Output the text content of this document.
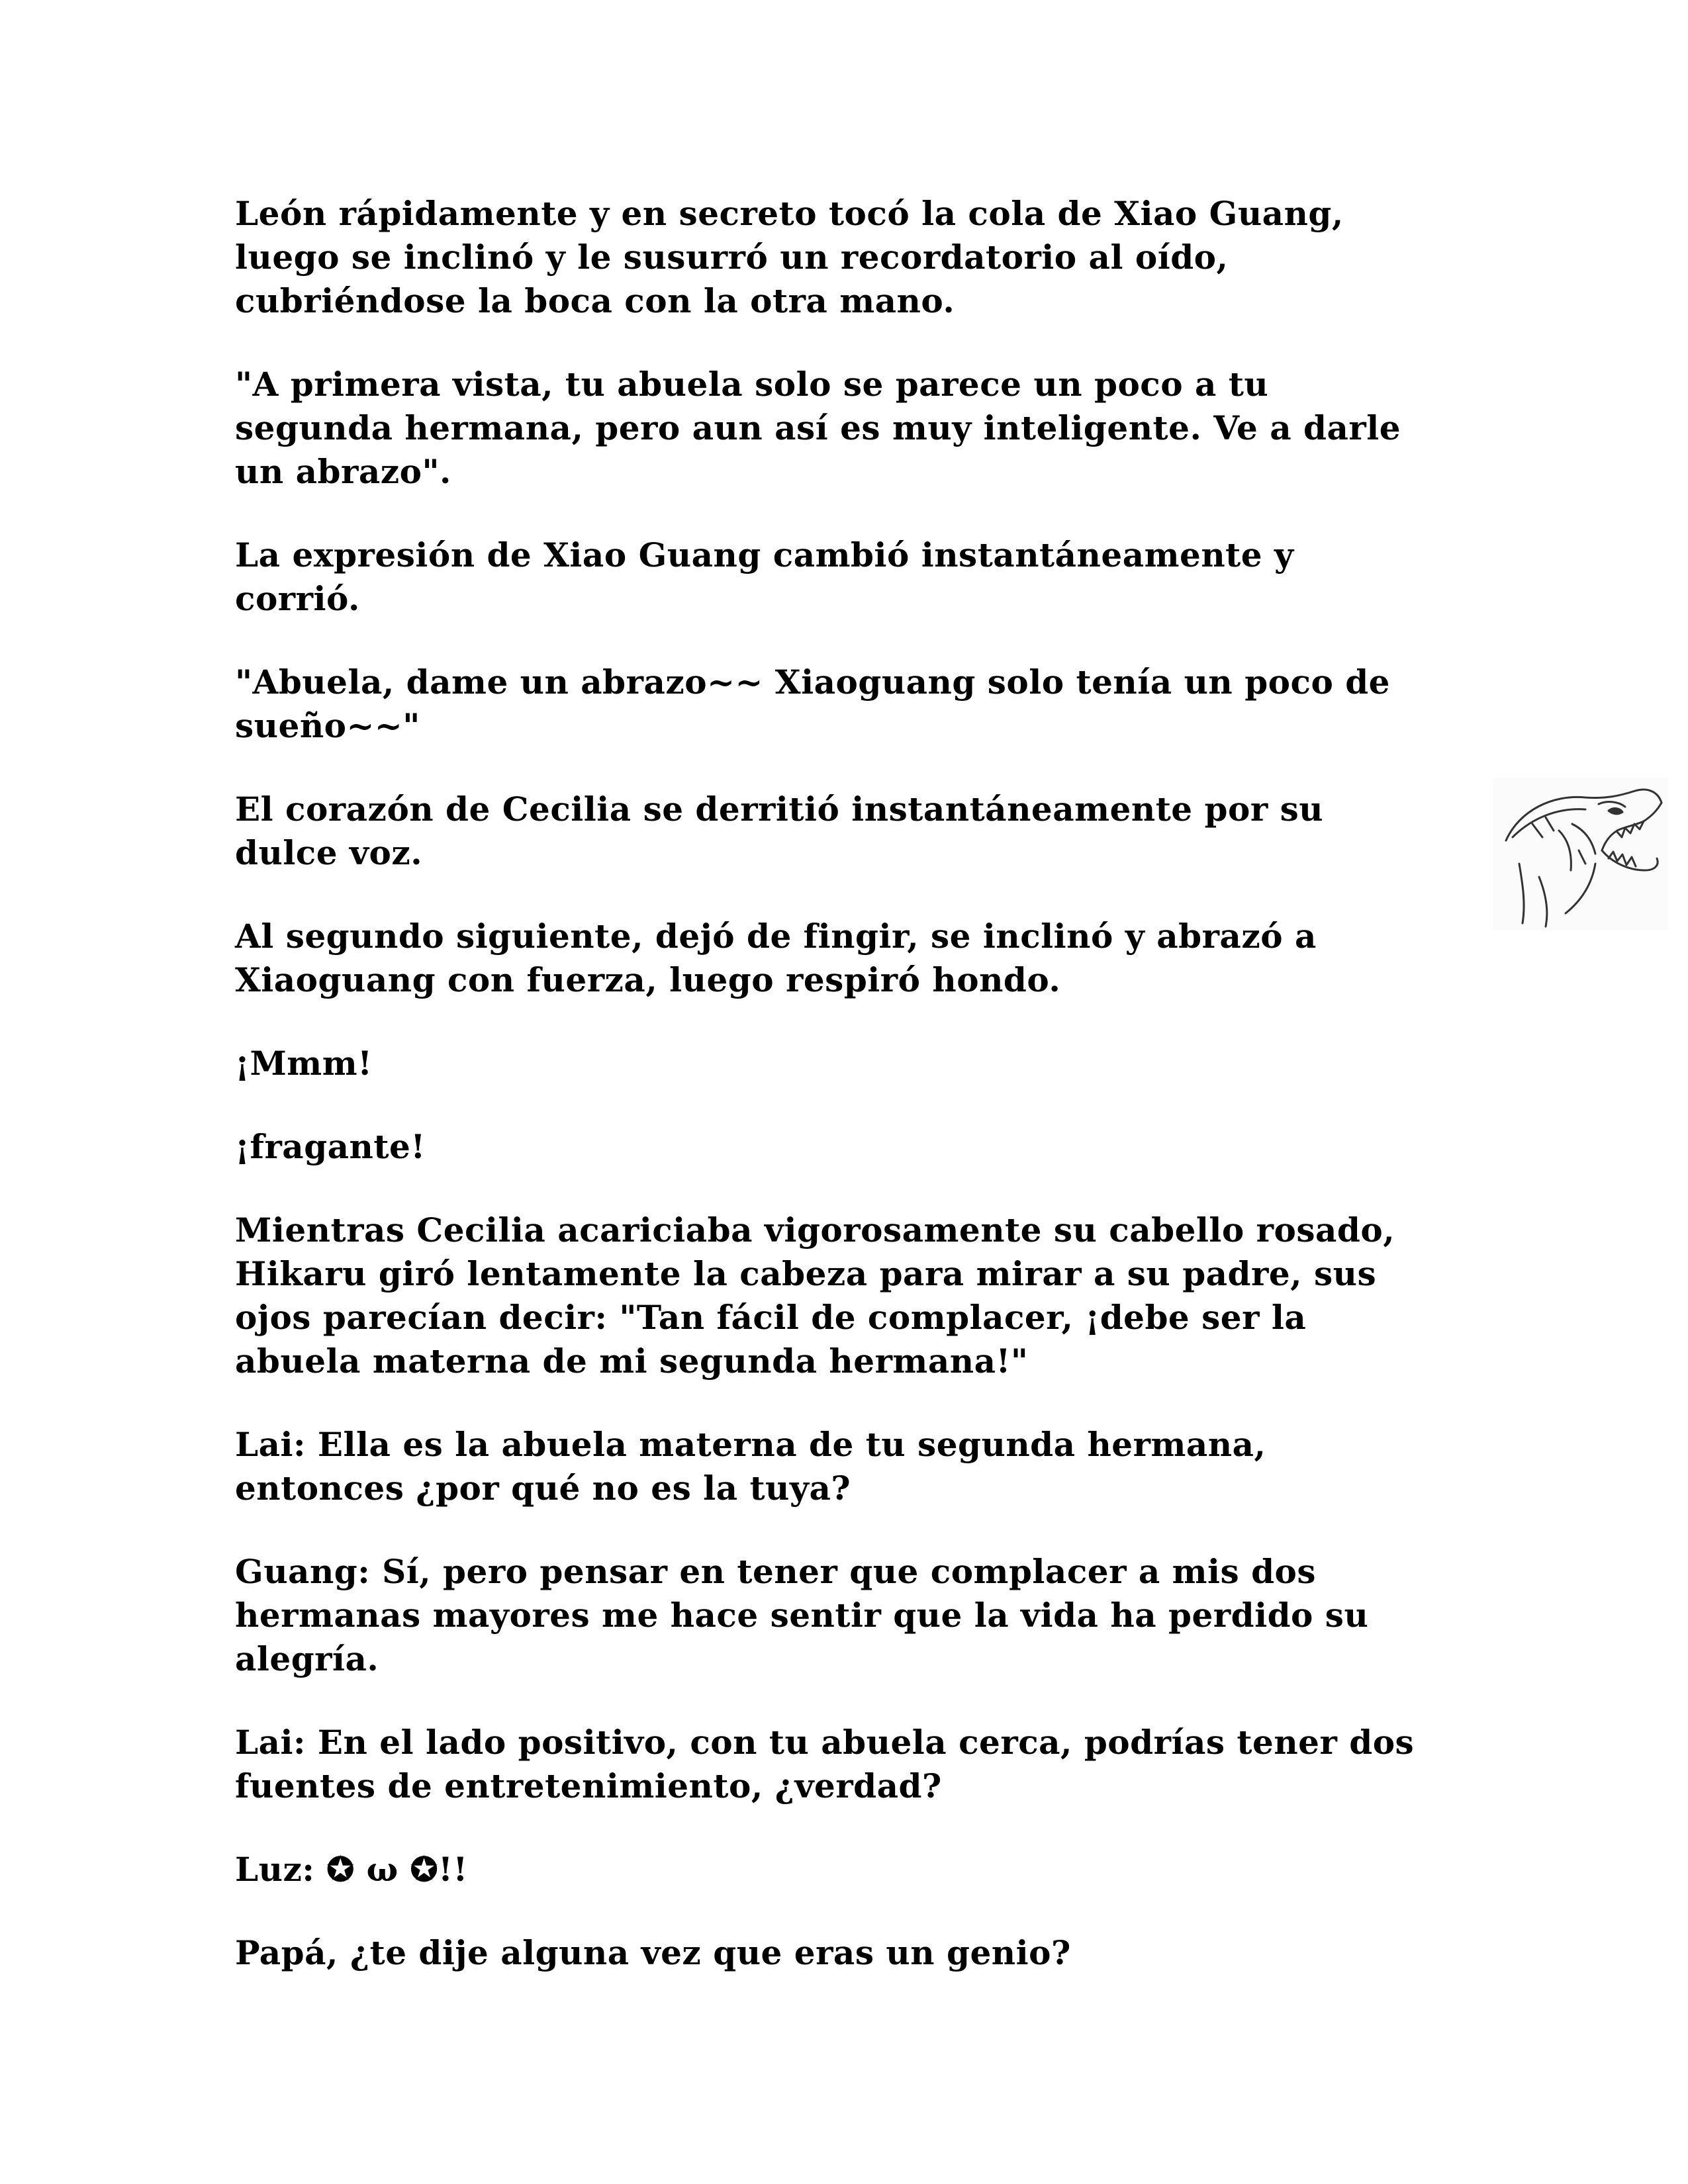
León rápidamente y en secreto tocó la cola de Xiao Guang,
luego se inclinó y le susurró un recordatorio al oído,
cubriéndose la boca con la otra mano.

"A primera vista, tu abuela solo se parece un poco a tu
segunda hermana, pero aun así es muy inteligente. Ve a darle
un abrazo".

La expresión de Xiao Guang cambió instantáneamente y
corrió.

"Abuela, dame un abrazo~~ Xiaoguang solo tenía un poco de
sueño~~"

El corazón de Cecilia se derritió instantáneamente por su
dulce voz.

Al segundo siguiente, dejó de fingir, se inclinó y abrazó a
Xiaoguang con fuerza, luego respiró hondo.

¡Mmm!

¡fragante!

Mientras Cecilia acariciaba vigorosamente su cabello rosado,
Hikaru giró lentamente la cabeza para mirar a su padre, sus
ojos parecían decir: "Tan fácil de complacer, ¡debe ser la
abuela materna de mi segunda hermana!"

Lai: Ella es la abuela materna de tu segunda hermana,
entonces ¿por qué no es la tuya?

Guang: Sí, pero pensar en tener que complacer a mis dos
hermanas mayores me hace sentir que la vida ha perdido su
alegría.

Lai: En el lado positivo, con tu abuela cerca, podrías tener dos
fuentes de entretenimiento, ¿verdad?

Luz: ✪ ω ✪!!

Papá, ¿te dije alguna vez que eras un genio?
